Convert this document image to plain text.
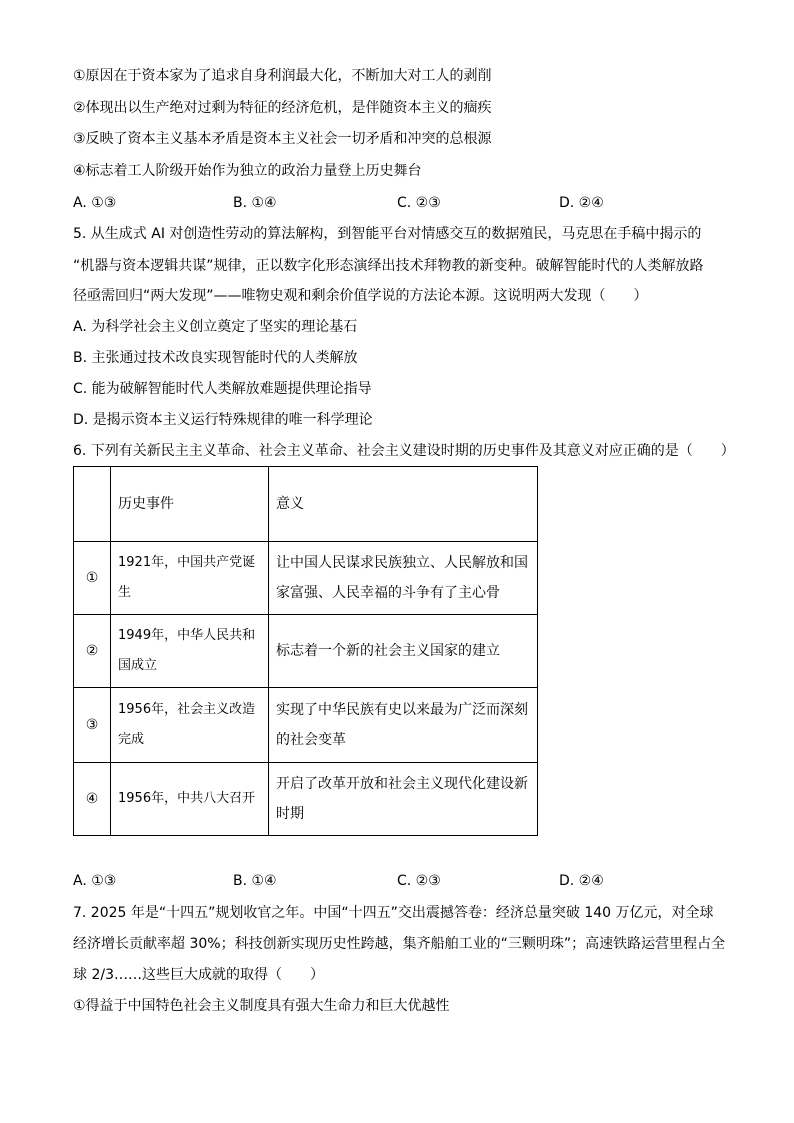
①原因在于资本家为了追求自身利润最大化，不断加大对工人的剥削
②体现出以生产绝对过剩为特征的经济危机，是伴随资本主义的痼疾
③反映了资本主义基本矛盾是资本主义社会一切矛盾和冲突的总根源
④标志着工人阶级开始作为独立的政治力量登上历史舞台
A. ①③	B. ①④	C. ②③	D. ②④
5. 从生成式 AI 对创造性劳动的算法解构，到智能平台对情感交互的数据殖民，马克思在手稿中揭示的
“机器与资本逻辑共谋”规律，正以数字化形态演绎出技术拜物教的新变种。破解智能时代的人类解放路
径亟需回归“两大发现”——唯物史观和剩余价值学说的方法论本源。这说明两大发现（　　）
A. 为科学社会主义创立奠定了坚实的理论基石
B. 主张通过技术改良实现智能时代的人类解放
C. 能为破解智能时代人类解放难题提供理论指导
D. 是揭示资本主义运行特殊规律的唯一科学理论
6. 下列有关新民主主义革命、社会主义革命、社会主义建设时期的历史事件及其意义对应正确的是（　　）
	历史事件	意义
①	1921年，中国共产党诞生	让中国人民谋求民族独立、人民解放和国家富强、人民幸福的斗争有了主心骨
②	1949年，中华人民共和国成立	标志着一个新的社会主义国家的建立
③	1956年，社会主义改造完成	实现了中华民族有史以来最为广泛而深刻的社会变革
④	1956年，中共八大召开	开启了改革开放和社会主义现代化建设新时期
A. ①③	B. ①④	C. ②③	D. ②④
7. 2025 年是“十四五”规划收官之年。中国“十四五”交出震撼答卷：经济总量突破 140 万亿元，对全球
经济增长贡献率超 30%；科技创新实现历史性跨越，集齐船舶工业的“三颗明珠”；高速铁路运营里程占全
球 2/3……这些巨大成就的取得（　　）
①得益于中国特色社会主义制度具有强大生命力和巨大优越性
